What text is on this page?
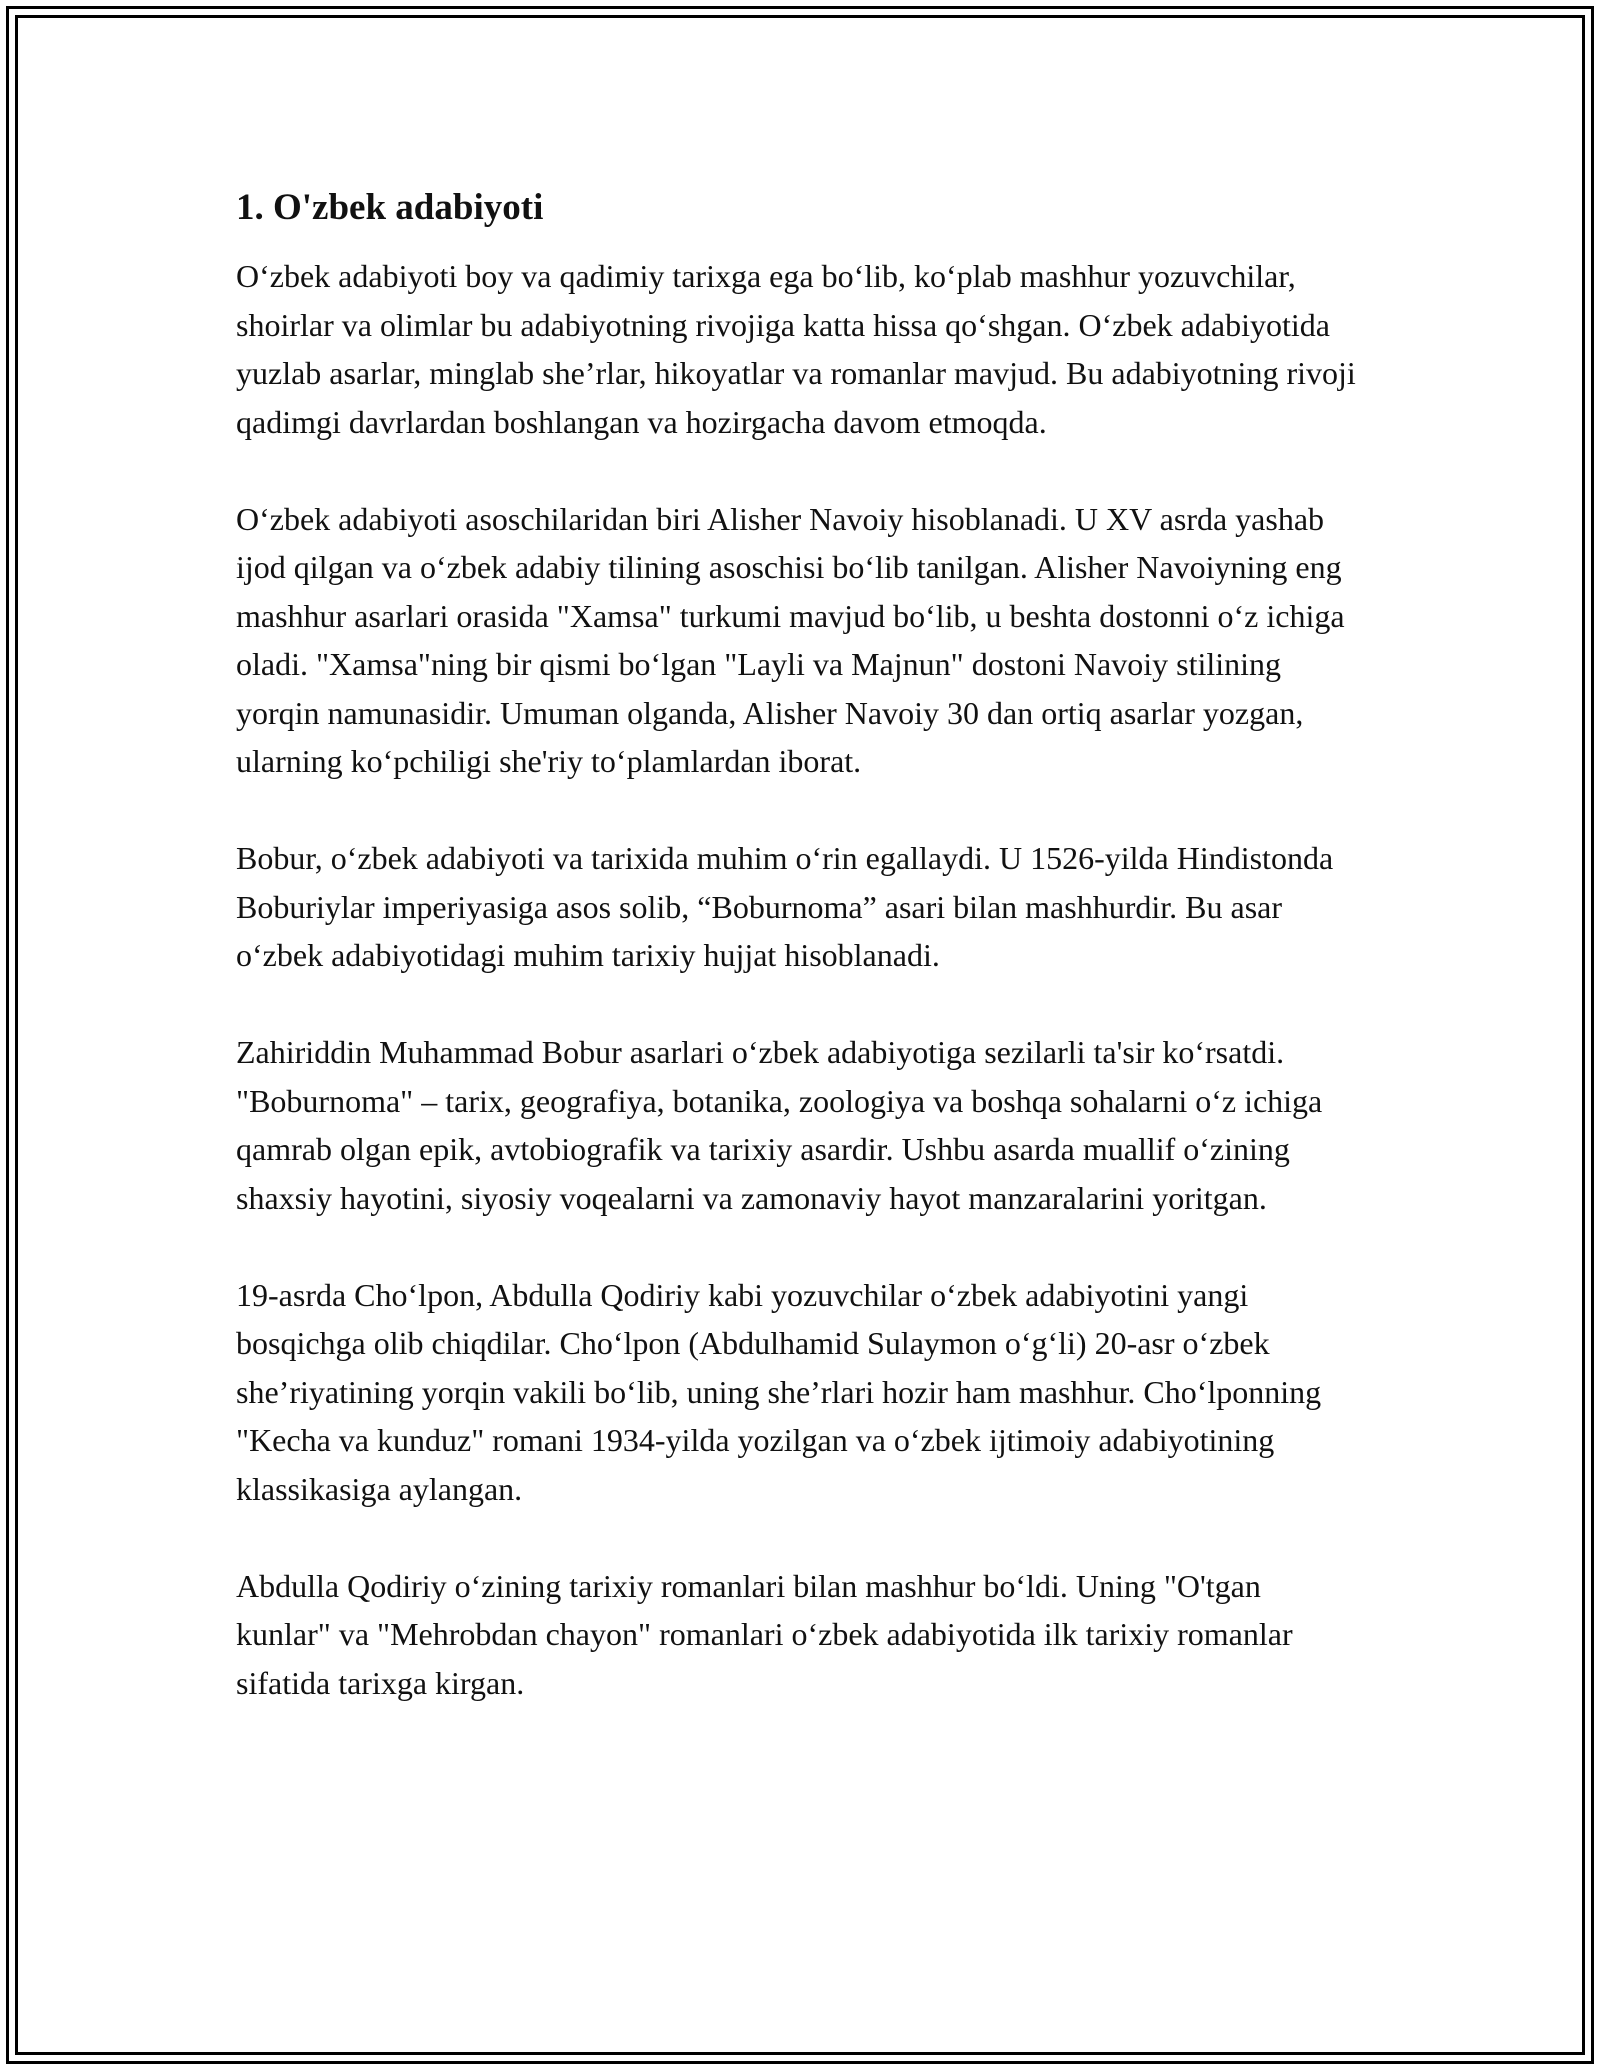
1. O'zbek adabiyoti

O‘zbek adabiyoti boy va qadimiy tarixga ega bo‘lib, ko‘plab mashhur yozuvchilar, shoirlar va olimlar bu adabiyotning rivojiga katta hissa qo‘shgan. O‘zbek adabiyotida yuzlab asarlar, minglab she’rlar, hikoyatlar va romanlar mavjud. Bu adabiyotning rivoji qadimgi davrlardan boshlangan va hozirgacha davom etmoqda.

O‘zbek adabiyoti asoschilaridan biri Alisher Navoiy hisoblanadi. U XV asrda yashab ijod qilgan va o‘zbek adabiy tilining asoschisi bo‘lib tanilgan. Alisher Navoiyning eng mashhur asarlari orasida "Xamsa" turkumi mavjud bo‘lib, u beshta dostonni o‘z ichiga oladi. "Xamsa"ning bir qismi bo‘lgan "Layli va Majnun" dostoni Navoiy stilining yorqin namunasidir. Umuman olganda, Alisher Navoiy 30 dan ortiq asarlar yozgan, ularning ko‘pchiligi she'riy to‘plamlardan iborat.

Bobur, o‘zbek adabiyoti va tarixida muhim o‘rin egallaydi. U 1526-yilda Hindistonda Boburiylar imperiyasiga asos solib, “Boburnoma” asari bilan mashhurdir. Bu asar o‘zbek adabiyotidagi muhim tarixiy hujjat hisoblanadi.

Zahiriddin Muhammad Bobur asarlari o‘zbek adabiyotiga sezilarli ta'sir ko‘rsatdi. "Boburnoma" – tarix, geografiya, botanika, zoologiya va boshqa sohalarni o‘z ichiga qamrab olgan epik, avtobiografik va tarixiy asardir. Ushbu asarda muallif o‘zining shaxsiy hayotini, siyosiy voqealarni va zamonaviy hayot manzaralarini yoritgan.

19-asrda Cho‘lpon, Abdulla Qodiriy kabi yozuvchilar o‘zbek adabiyotini yangi bosqichga olib chiqdilar. Cho‘lpon (Abdulhamid Sulaymon o‘g‘li) 20-asr o‘zbek she’riyatining yorqin vakili bo‘lib, uning she’rlari hozir ham mashhur. Cho‘lponning "Kecha va kunduz" romani 1934-yilda yozilgan va o‘zbek ijtimoiy adabiyotining klassikasiga aylangan.

Abdulla Qodiriy o‘zining tarixiy romanlari bilan mashhur bo‘ldi. Uning "O'tgan kunlar" va "Mehrobdan chayon" romanlari o‘zbek adabiyotida ilk tarixiy romanlar sifatida tarixga kirgan.
